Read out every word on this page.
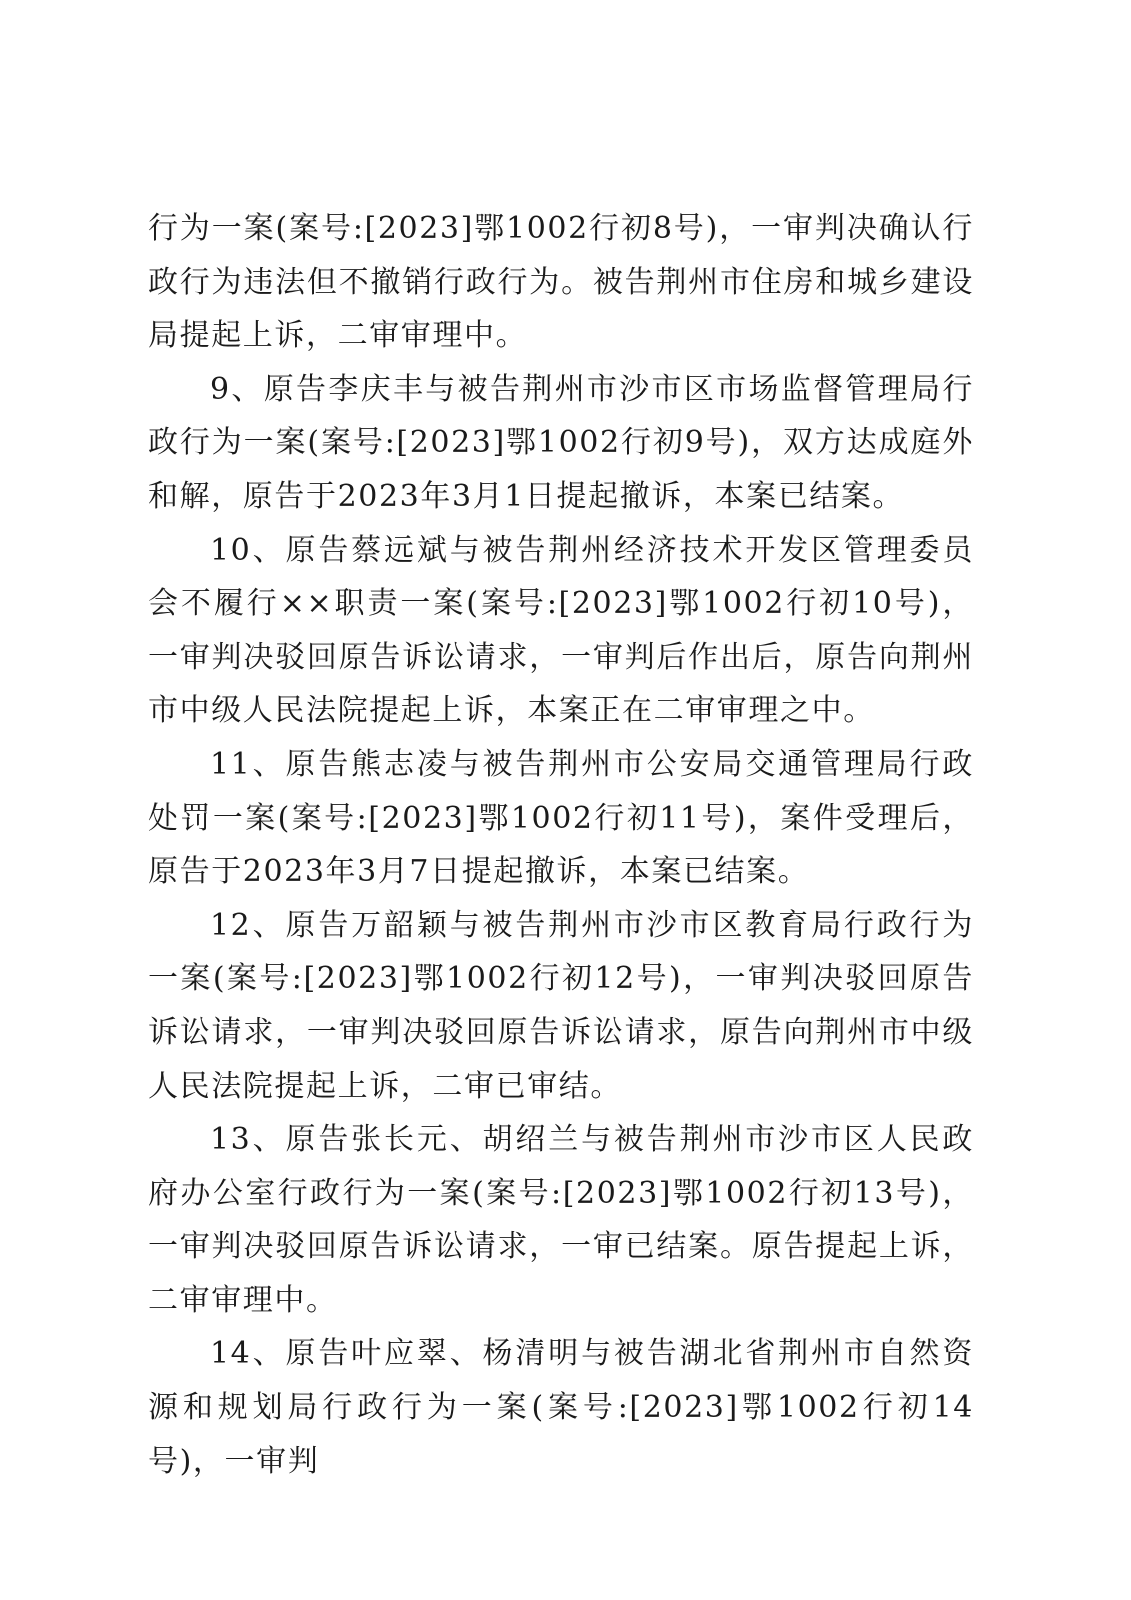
行为一案(案号:[2023]鄂1002行初8号)，一审判决确认行政行为违法但不撤销行政行为。被告荆州市住房和城乡建设局提起上诉，二审审理中。

9、原告李庆丰与被告荆州市沙市区市场监督管理局行政行为一案(案号:[2023]鄂1002行初9号)，双方达成庭外和解，原告于2023年3月1日提起撤诉，本案已结案。

10、原告蔡远斌与被告荆州经济技术开发区管理委员会不履行××职责一案(案号:[2023]鄂1002行初10号)，一审判决驳回原告诉讼请求，一审判后作出后，原告向荆州市中级人民法院提起上诉，本案正在二审审理之中。

11、原告熊志凌与被告荆州市公安局交通管理局行政处罚一案(案号:[2023]鄂1002行初11号)，案件受理后，原告于2023年3月7日提起撤诉，本案已结案。

12、原告万韶颖与被告荆州市沙市区教育局行政行为一案(案号:[2023]鄂1002行初12号)，一审判决驳回原告诉讼请求，一审判决驳回原告诉讼请求，原告向荆州市中级人民法院提起上诉，二审已审结。

13、原告张长元、胡绍兰与被告荆州市沙市区人民政府办公室行政行为一案(案号:[2023]鄂1002行初13号)，一审判决驳回原告诉讼请求，一审已结案。原告提起上诉，二审审理中。

14、原告叶应翠、杨清明与被告湖北省荆州市自然资源和规划局行政行为一案(案号:[2023]鄂1002行初14号)，一审判
